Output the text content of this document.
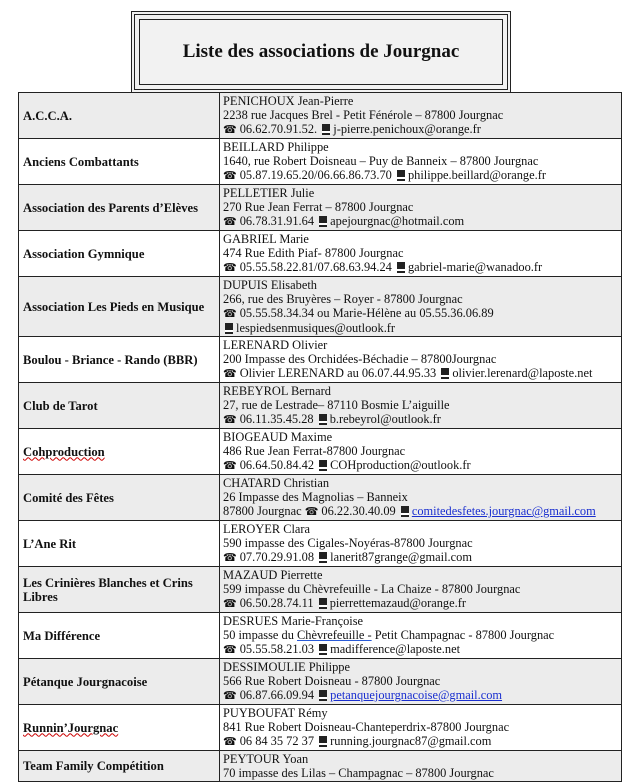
Liste des associations de Jourgnac
A.C.C.A.	PENICHOUX Jean-Pierre
2238 rue Jacques Brel - Petit Fénérole – 87800 Jourgnac
☎ 06.62.70.91.52. j-pierre.penichoux@orange.fr

Anciens Combattants	BEILLARD Philippe
1640, rue Robert Doisneau – Puy de Banneix – 87800 Jourgnac
☎ 05.87.19.65.20/06.66.86.73.70 philippe.beillard@orange.fr

Association des Parents d’Elèves	PELLETIER Julie
270 Rue Jean Ferrat – 87800 Jourgnac
☎ 06.78.31.91.64 apejourgnac@hotmail.com

Association Gymnique	GABRIEL Marie
474 Rue Edith Piaf- 87800 Jourgnac
☎ 05.55.58.22.81/07.68.63.94.24 gabriel-marie@wanadoo.fr

Association Les Pieds en Musique	DUPUIS Elisabeth
266, rue des Bruyères – Royer - 87800 Jourgnac
☎ 05.55.58.34.34 ou Marie-Hélène au 05.55.36.06.89
lespiedsenmusiques@outlook.fr

Boulou - Briance - Rando (BBR)	LERENARD Olivier
200 Impasse des Orchidées-Béchadie – 87800Jourgnac
☎ Olivier LERENARD au 06.07.44.95.33 olivier.lerenard@laposte.net

Club de Tarot	REBEYROL Bernard
27, rue de Lestrade– 87110 Bosmie L’aiguille
☎ 06.11.35.45.28 b.rebeyrol@outlook.fr

Cohproduction	BIOGEAUD Maxime
486 Rue Jean Ferrat-87800 Jourgnac
☎ 06.64.50.84.42 COHproduction@outlook.fr

Comité des Fêtes	CHATARD Christian
26 Impasse des Magnolias – Banneix
87800 Jourgnac ☎ 06.22.30.40.09 comitedesfetes.jourgnac@gmail.com

L’Ane Rit	LEROYER Clara
590 impasse des Cigales-Noyéras-87800 Jourgnac
☎ 07.70.29.91.08 lanerit87grange@gmail.com

Les Crinières Blanches et Crins Libres	MAZAUD Pierrette
599 impasse du Chèvrefeuille - La Chaize - 87800 Jourgnac
☎ 06.50.28.74.11 pierrettemazaud@orange.fr

Ma Différence	DESRUES Marie-Françoise
50 impasse du Chèvrefeuille - Petit Champagnac - 87800 Jourgnac
☎ 05.55.58.21.03 madifference@laposte.net

Pétanque Jourgnacoise	DESSIMOULIE Philippe
566 Rue Robert Doisneau - 87800 Jourgnac
☎ 06.87.66.09.94 petanquejourgnacoise@gmail.com

Runnin’Jourgnac	PUYBOUFAT Rémy
841 Rue Robert Doisneau-Chanteperdrix-87800 Jourgnac
☎ 06 84 35 72 37 running.jourgnac87@gmail.com

Team Family Compétition	PEYTOUR Yoan
70 impasse des Lilas – Champagnac – 87800 Jourgnac
